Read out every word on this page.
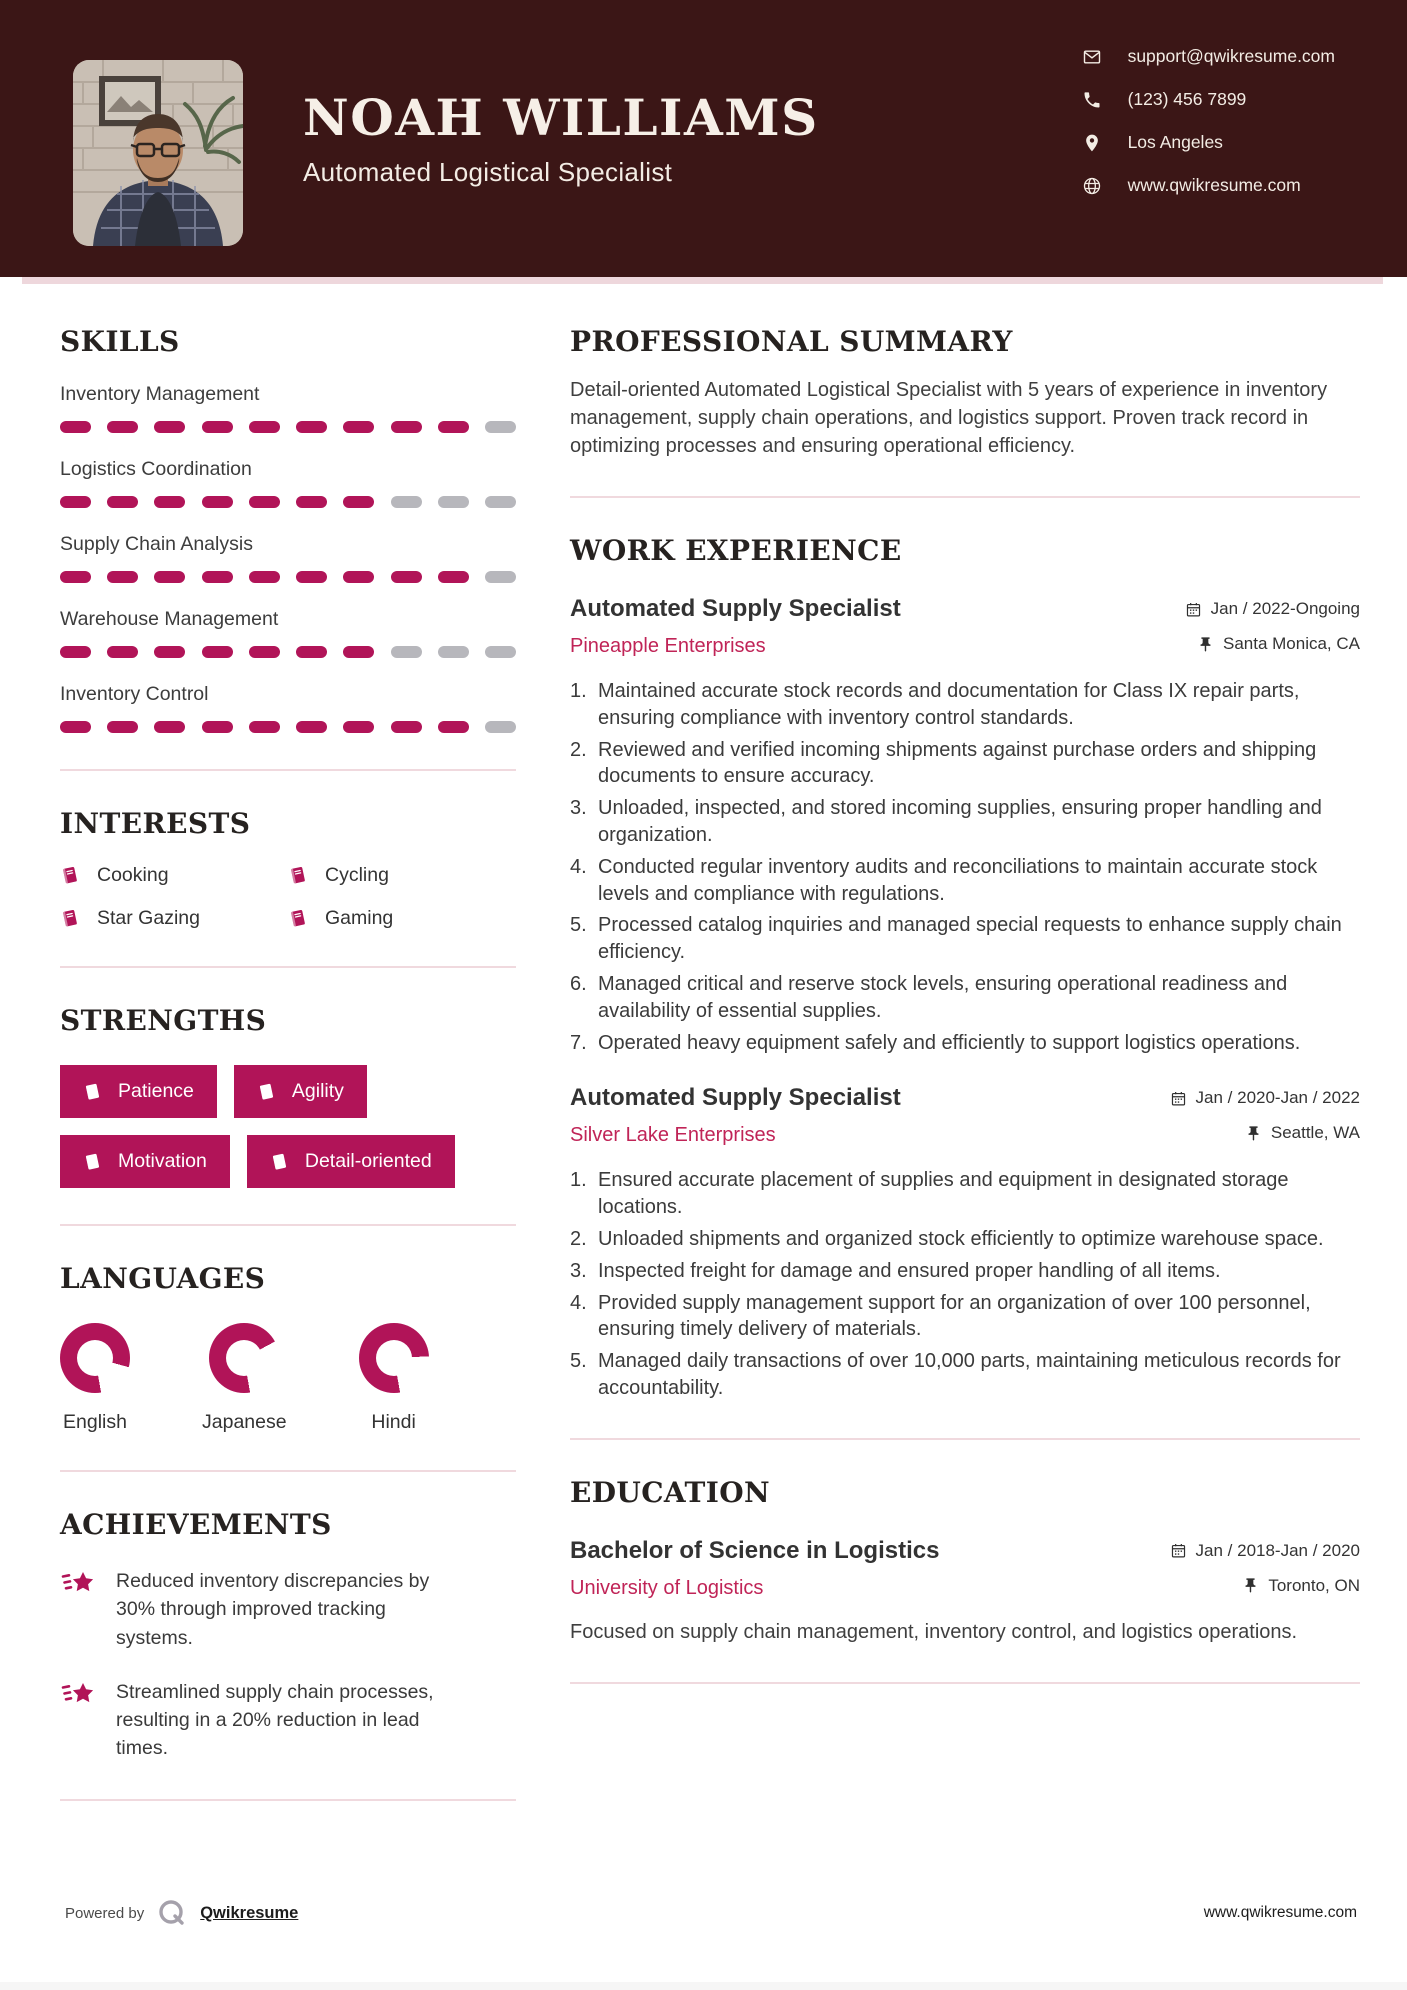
NOAH WILLIAMS
Automated Logistical Specialist
support@qwikresume.com
(123) 456 7899
Los Angeles
www.qwikresume.com
SKILLS
Inventory Management
Logistics Coordination
Supply Chain Analysis
Warehouse Management
Inventory Control
INTERESTS
Cooking	Cycling
Star Gazing	Gaming
STRENGTHS
Patience	Agility
Motivation	Detail-oriented
LANGUAGES
English	Japanese	Hindi
ACHIEVEMENTS

Reduced inventory discrepancies by 30% through improved tracking systems.

Streamlined supply chain processes, resulting in a 20% reduction in lead times.

PROFESSIONAL SUMMARY

Detail-oriented Automated Logistical Specialist with 5 years of experience in inventory management, supply chain operations, and logistics support. Proven track record in optimizing processes and ensuring operational efficiency.

WORK EXPERIENCE
Automated Supply Specialist
Pineapple Enterprises
Jan / 2022-Ongoing
Santa Monica, CA
Maintained accurate stock records and documentation for Class IX repair parts, ensuring compliance with inventory control standards.
Reviewed and verified incoming shipments against purchase orders and shipping documents to ensure accuracy.
Unloaded, inspected, and stored incoming supplies, ensuring proper handling and organization.
Conducted regular inventory audits and reconciliations to maintain accurate stock levels and compliance with regulations.
Processed catalog inquiries and managed special requests to enhance supply chain efficiency.
Managed critical and reserve stock levels, ensuring operational readiness and availability of essential supplies.
Operated heavy equipment safely and efficiently to support logistics operations.
Automated Supply Specialist
Silver Lake Enterprises
Jan / 2020-Jan / 2022
Seattle, WA
Ensured accurate placement of supplies and equipment in designated storage locations.
Unloaded shipments and organized stock efficiently to optimize warehouse space.
Inspected freight for damage and ensured proper handling of all items.
Provided supply management support for an organization of over 100 personnel, ensuring timely delivery of materials.
Managed daily transactions of over 10,000 parts, maintaining meticulous records for accountability.
EDUCATION
Bachelor of Science in Logistics
University of Logistics
Jan / 2018-Jan / 2020
Toronto, ON

Focused on supply chain management, inventory control, and logistics operations.

Powered by	Qwikresume	www.qwikresume.com
